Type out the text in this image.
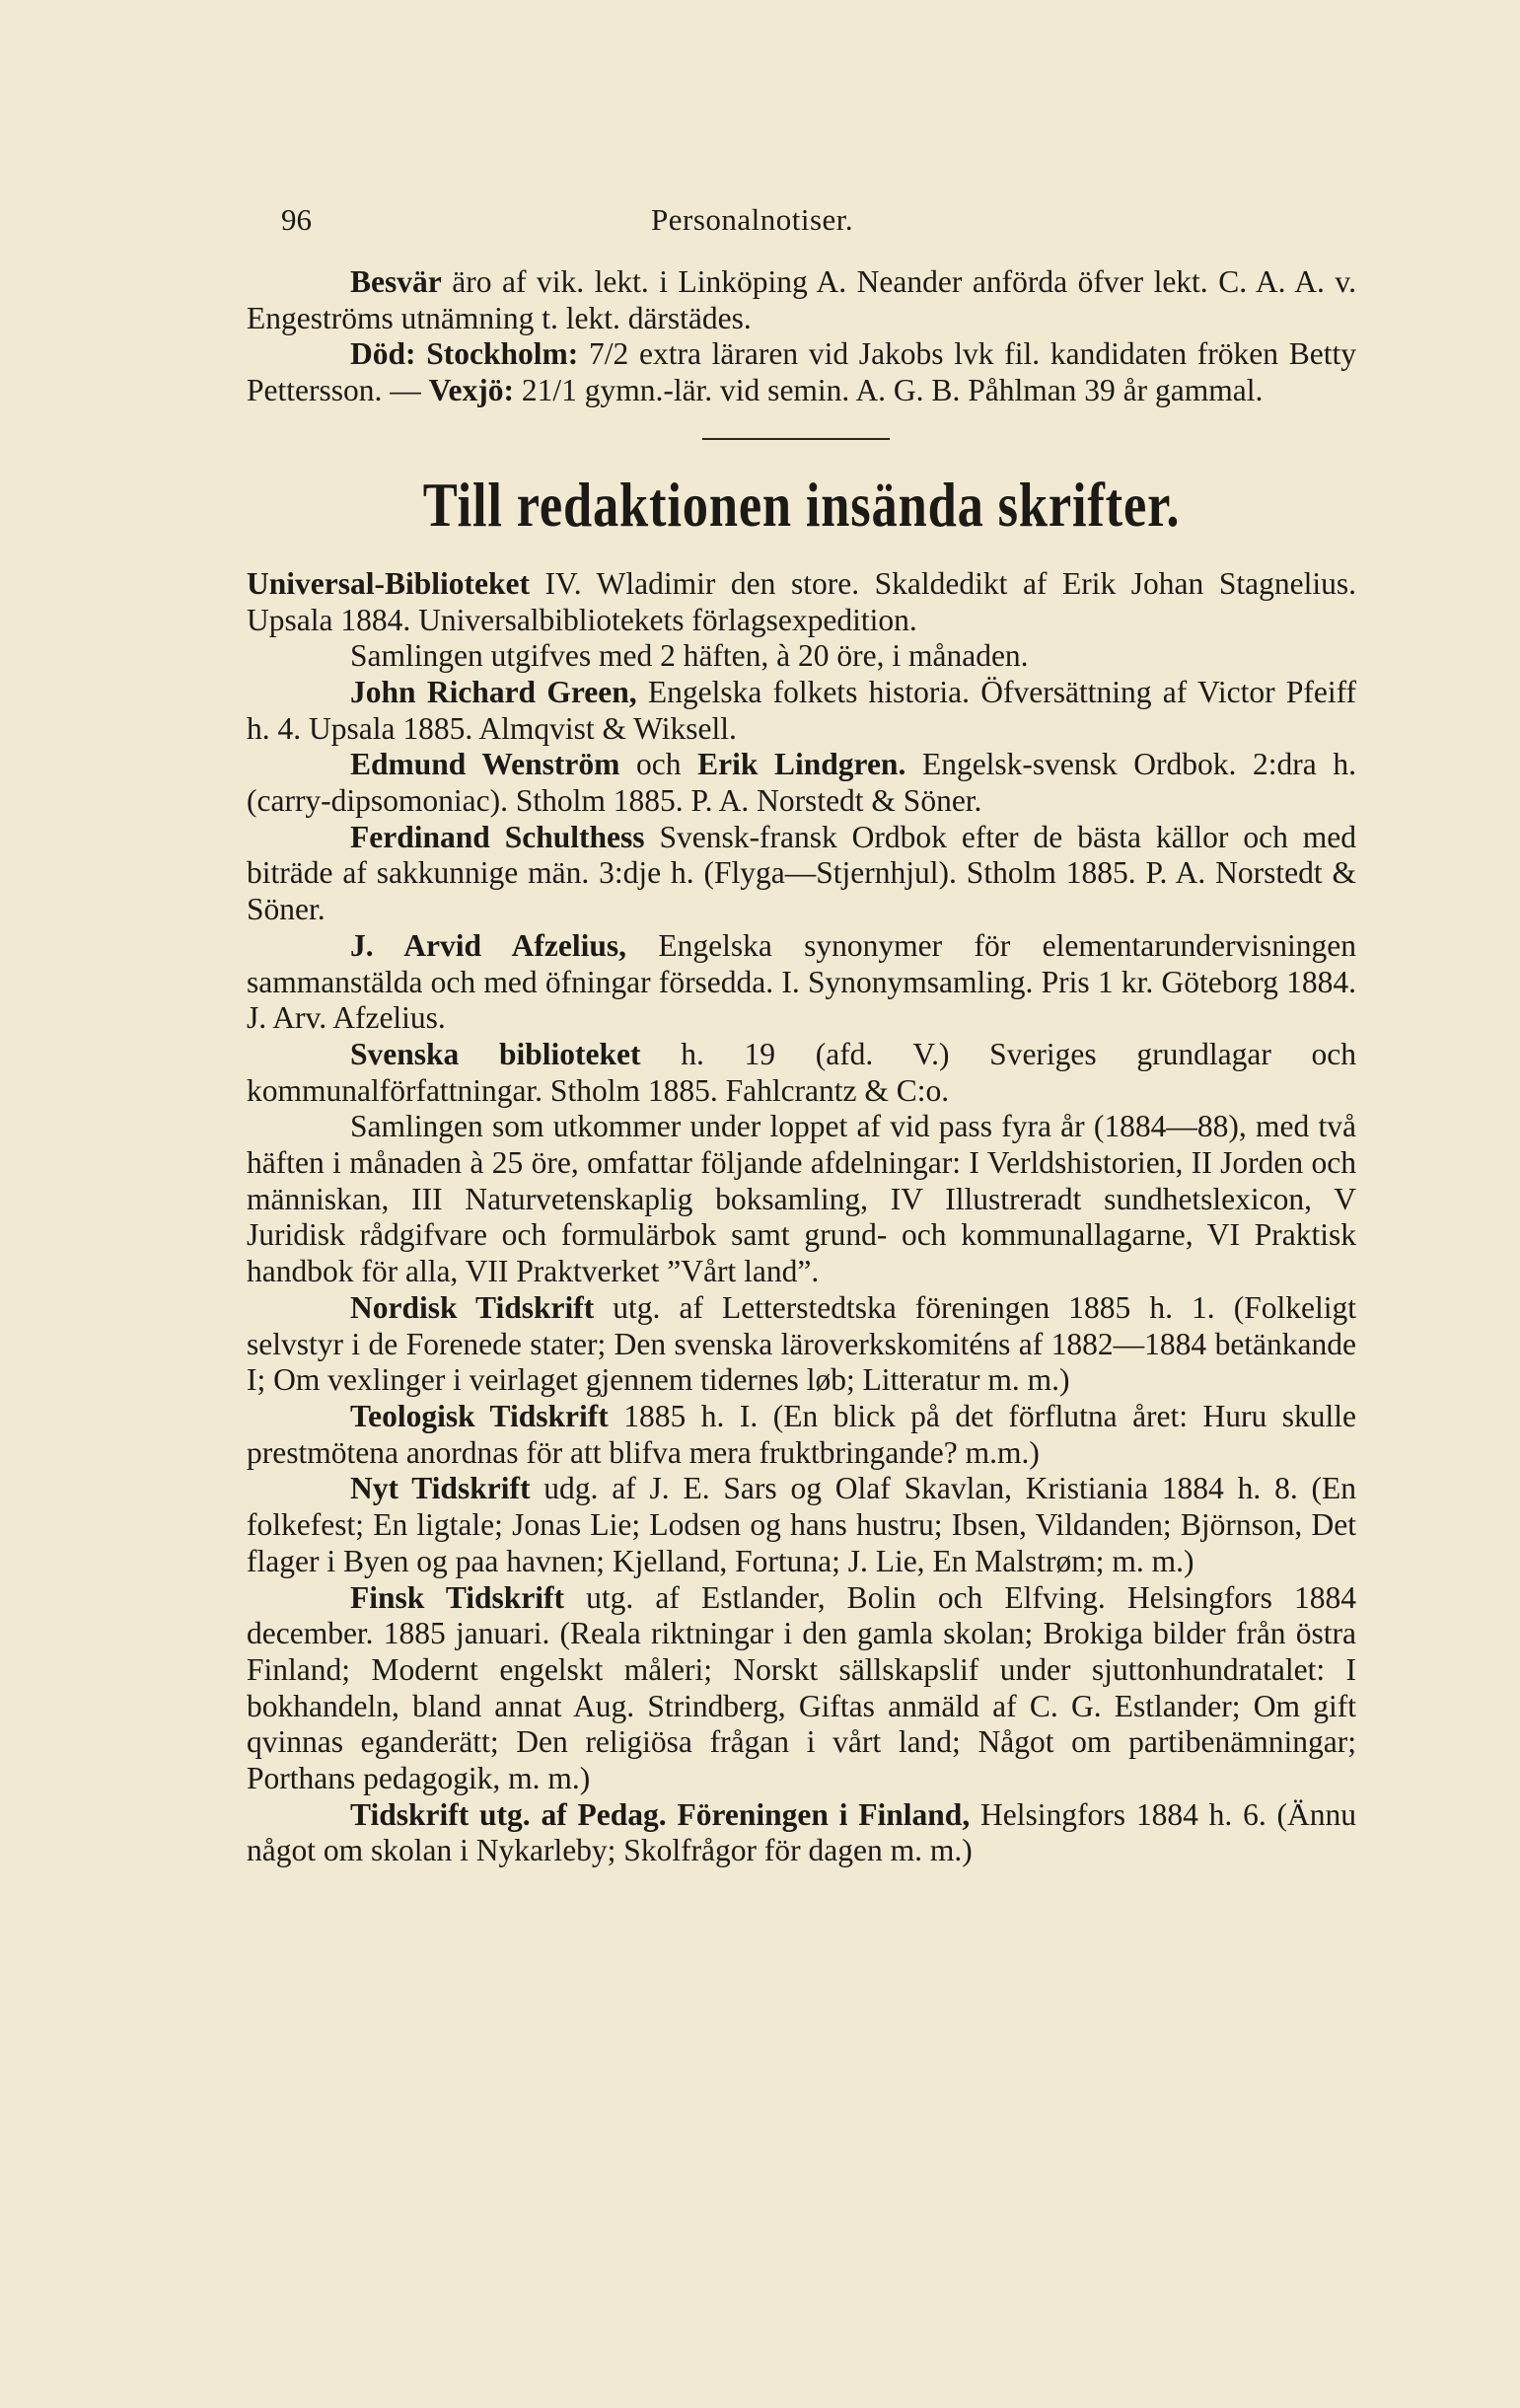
96	Personalnotiser.

Besvär äro af vik. lekt. i Linköping A. Neander anförda öfver lekt. C. A. A. v. Engeströms utnämning t. lekt. därstädes.

Död: Stockholm: 7/2 extra läraren vid Jakobs lvk fil. kandidaten fröken Betty Pettersson. — Vexjö: 21/1 gymn.-lär. vid semin. A. G. B. Påhlman 39 år gammal.

Till redaktionen insända skrifter.

Universal-Biblioteket IV. Wladimir den store. Skaldedikt af Erik Johan Stagnelius. Upsala 1884. Universalbibliotekets förlagsexpedition.

Samlingen utgifves med 2 häften, à 20 öre, i månaden.

John Richard Green, Engelska folkets historia. Öfversättning af Victor Pfeiff h. 4. Upsala 1885. Almqvist & Wiksell.

Edmund Wenström och Erik Lindgren. Engelsk-svensk Ordbok. 2:dra h. (carry-dipsomoniac). Stholm 1885. P. A. Norstedt & Söner.

Ferdinand Schulthess Svensk-fransk Ordbok efter de bästa källor och med biträde af sakkunnige män. 3:dje h. (Flyga—Stjernhjul). Stholm 1885. P. A. Norstedt & Söner.

J. Arvid Afzelius, Engelska synonymer för elementarundervisningen sammanstälda och med öfningar försedda. I. Synonymsamling. Pris 1 kr. Göteborg 1884. J. Arv. Afzelius.

Svenska biblioteket h. 19 (afd. V.) Sveriges grundlagar och kommunalförfattningar. Stholm 1885. Fahlcrantz & C:o.

Samlingen som utkommer under loppet af vid pass fyra år (1884—88), med två häften i månaden à 25 öre, omfattar följande afdelningar: I Verldshistorien, II Jorden och människan, III Naturvetenskaplig boksamling, IV Illustreradt sundhetslexicon, V Juridisk rådgifvare och formulärbok samt grund- och kommunallagarne, VI Praktisk handbok för alla, VII Praktverket ”Vårt land”.

Nordisk Tidskrift utg. af Letterstedtska föreningen 1885 h. 1. (Folkeligt selvstyr i de Forenede stater; Den svenska läroverkskomiténs af 1882—1884 betänkande I; Om vexlinger i veirlaget gjennem tidernes løb; Litteratur m. m.)

Teologisk Tidskrift 1885 h. I. (En blick på det förflutna året: Huru skulle prestmötena anordnas för att blifva mera fruktbringande? m.m.)

Nyt Tidskrift udg. af J. E. Sars og Olaf Skavlan, Kristiania 1884 h. 8. (En folkefest; En ligtale; Jonas Lie; Lodsen og hans hustru; Ibsen, Vildanden; Björnson, Det flager i Byen og paa havnen; Kjelland, Fortuna; J. Lie, En Malstrøm; m. m.)

Finsk Tidskrift utg. af Estlander, Bolin och Elfving. Helsingfors 1884 december. 1885 januari. (Reala riktningar i den gamla skolan; Brokiga bilder från östra Finland; Modernt engelskt måleri; Norskt sällskapslif under sjuttonhundratalet: I bokhandeln, bland annat Aug. Strindberg, Giftas anmäld af C. G. Estlander; Om gift qvinnas eganderätt; Den religiösa frågan i vårt land; Något om partibenämningar; Porthans pedagogik, m. m.)

Tidskrift utg. af Pedag. Föreningen i Finland, Helsingfors 1884 h. 6. (Ännu något om skolan i Nykarleby; Skolfrågor för dagen m. m.)
